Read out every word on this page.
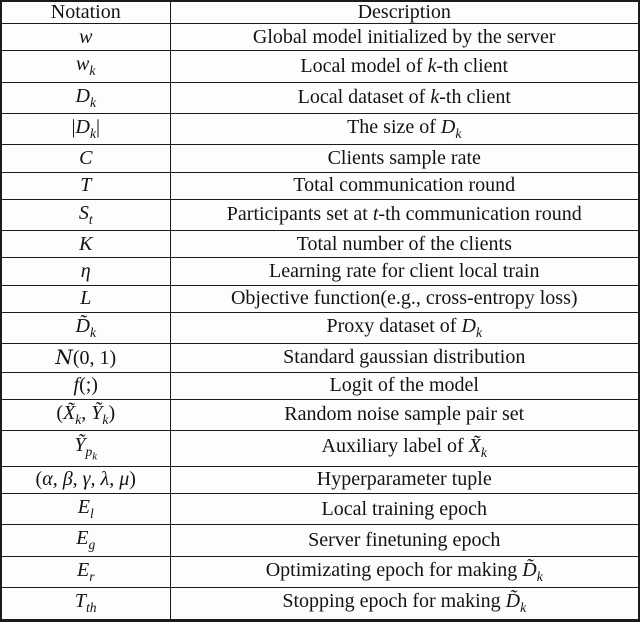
Notation	Description
w	Global model initialized by the server
$w_k$	Local model of k-th client
$D_k$	Local dataset of k-th client
$|D_k|$	The size of $D_k$
C	Clients sample rate
T	Total communication round
$S_t$	Participants set at t-th communication round
K	Total number of the clients
η	Learning rate for client local train
L	Objective function(e.g., cross-entropy loss)
$D̃_k$	Proxy dataset of $D_k$
N(0, 1)	Standard gaussian distribution
f(;)	Logit of the model
($X̃_k$, $Ỹ_k$)	Random noise sample pair set
$Ỹ_{pk}$	Auxiliary label of $X̃_k$
(α, β, γ, λ, μ)	Hyperparameter tuple
$E_l$	Local training epoch
$E_g$	Server finetuning epoch
$E_r$	Optimizating epoch for making $D̃_k$
$T_{th}$	Stopping epoch for making $D̃_k$
